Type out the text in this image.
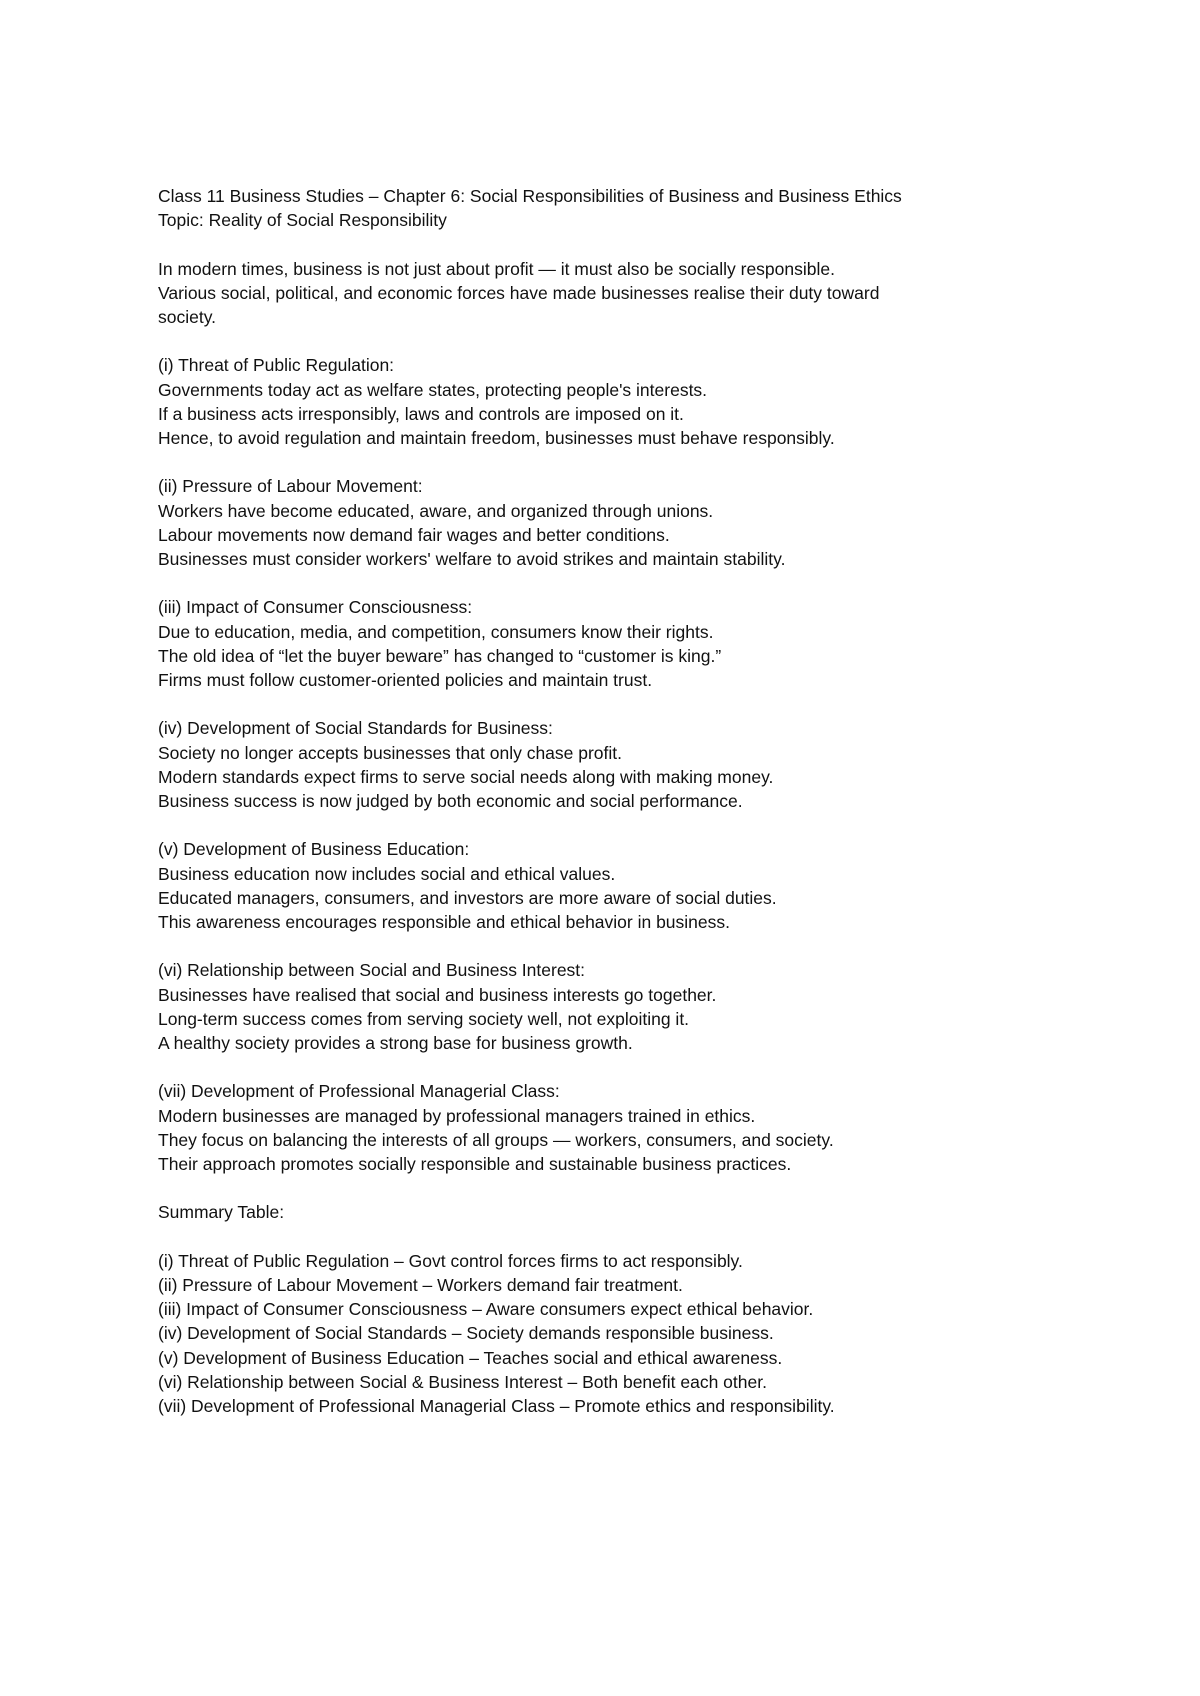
Class 11 Business Studies – Chapter 6: Social Responsibilities of Business and Business Ethics
Topic: Reality of Social Responsibility
In modern times, business is not just about profit — it must also be socially responsible.
Various social, political, and economic forces have made businesses realise their duty toward
society.
(i) Threat of Public Regulation:
Governments today act as welfare states, protecting people's interests.
If a business acts irresponsibly, laws and controls are imposed on it.
Hence, to avoid regulation and maintain freedom, businesses must behave responsibly.
(ii) Pressure of Labour Movement:
Workers have become educated, aware, and organized through unions.
Labour movements now demand fair wages and better conditions.
Businesses must consider workers' welfare to avoid strikes and maintain stability.
(iii) Impact of Consumer Consciousness:
Due to education, media, and competition, consumers know their rights.
The old idea of “let the buyer beware” has changed to “customer is king.”
Firms must follow customer-oriented policies and maintain trust.
(iv) Development of Social Standards for Business:
Society no longer accepts businesses that only chase profit.
Modern standards expect firms to serve social needs along with making money.
Business success is now judged by both economic and social performance.
(v) Development of Business Education:
Business education now includes social and ethical values.
Educated managers, consumers, and investors are more aware of social duties.
This awareness encourages responsible and ethical behavior in business.
(vi) Relationship between Social and Business Interest:
Businesses have realised that social and business interests go together.
Long-term success comes from serving society well, not exploiting it.
A healthy society provides a strong base for business growth.
(vii) Development of Professional Managerial Class:
Modern businesses are managed by professional managers trained in ethics.
They focus on balancing the interests of all groups — workers, consumers, and society.
Their approach promotes socially responsible and sustainable business practices.
Summary Table:
(i) Threat of Public Regulation – Govt control forces firms to act responsibly.
(ii) Pressure of Labour Movement – Workers demand fair treatment.
(iii) Impact of Consumer Consciousness – Aware consumers expect ethical behavior.
(iv) Development of Social Standards – Society demands responsible business.
(v) Development of Business Education – Teaches social and ethical awareness.
(vi) Relationship between Social & Business Interest – Both benefit each other.
(vii) Development of Professional Managerial Class – Promote ethics and responsibility.
